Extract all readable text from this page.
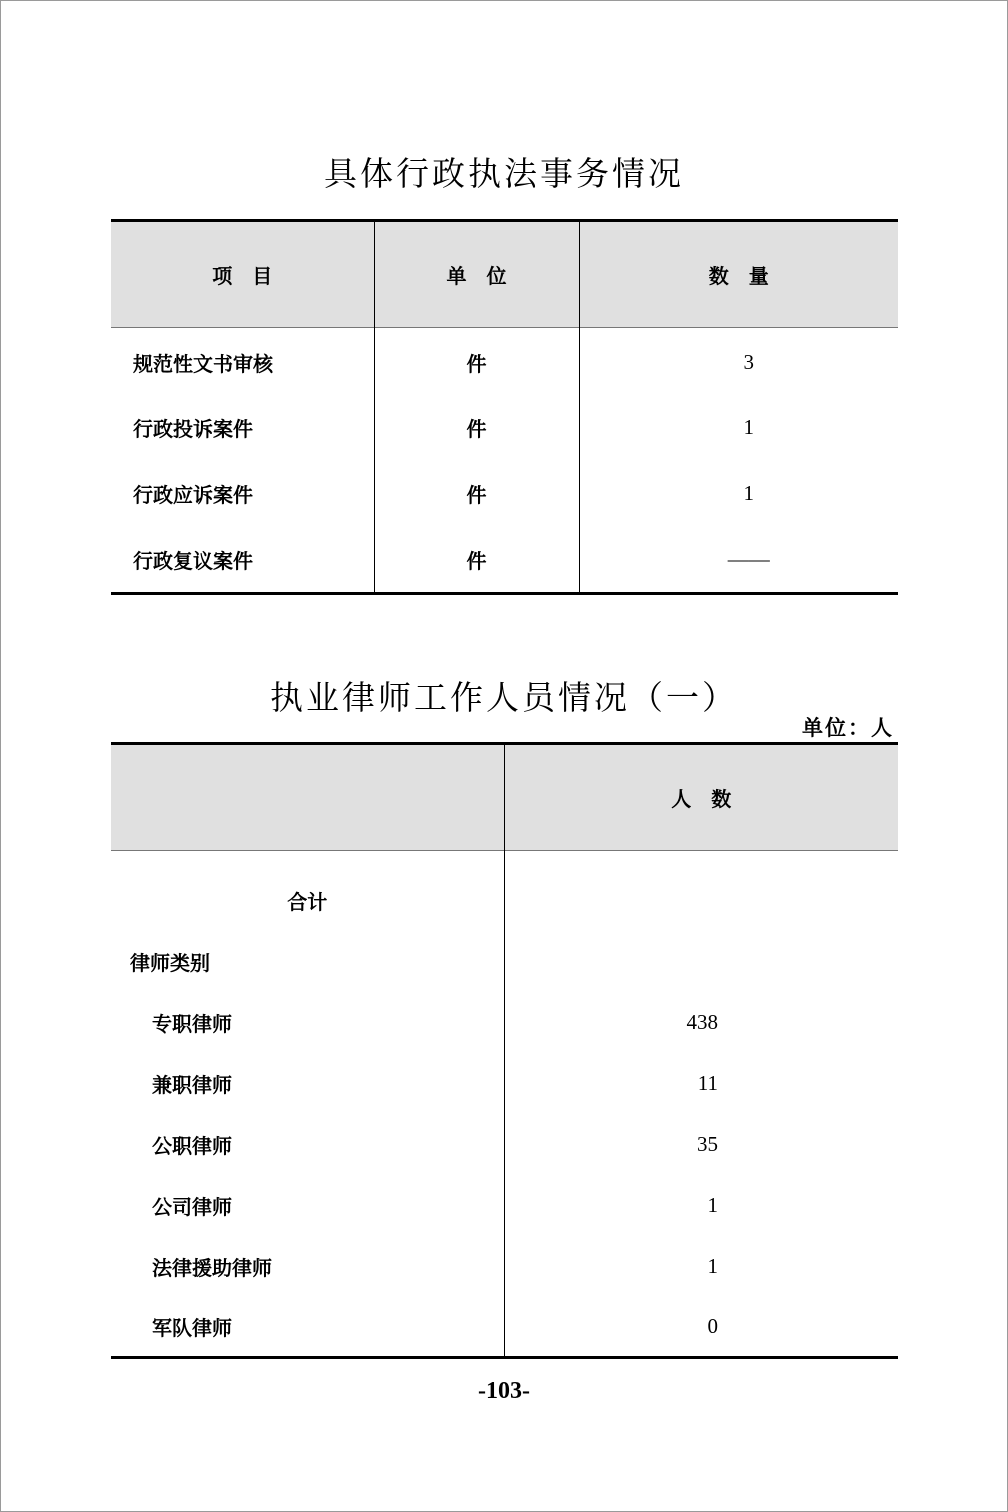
具体行政执法事务情况
项　目	单　位	数　量
规范性文书审核	件	3
行政投诉案件	件	1
行政应诉案件	件	1
行政复议案件	件	——
执业律师工作人员情况（一）
单位：人
	人　数
合计	
律师类别	
专职律师	438
兼职律师	11
公职律师	35
公司律师	1
法律援助律师	1
军队律师	0
-103-
